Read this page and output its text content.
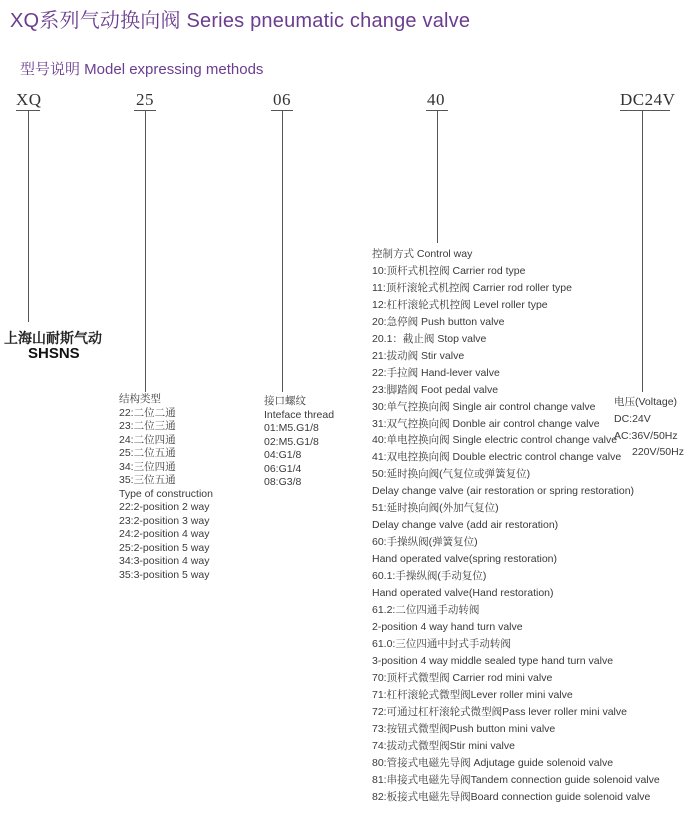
XQ系列气动换向阀 Series pneumatic change valve
型号说明 Model expressing methods
XQ	25	06	40	DC24V
上海山耐斯气动
SHSNS
结构类型
22:二位二通
23:二位三通
24:二位四通
25:二位五通
34:三位四通
35:三位五通
Type of construction
22:2-position 2 way
23:2-position 3 way
24:2-position 4 way
25:2-position 5 way
34:3-position 4 way
35:3-position 5 way
接口螺纹
Inteface thread
01:M5.G1/8
02:M5.G1/8
04:G1/8
06:G1/4
08:G3/8
控制方式 Control way
10:顶杆式机控阀 Carrier rod type
11:顶杆滚轮式机控阀 Carrier rod roller type
12:杠杆滚轮式机控阀 Level roller type
20:急停阀 Push button valve
20.1：截止阀 Stop valve
21:拔动阀 Stir valve
22:手拉阀 Hand-lever valve
23:脚踏阀 Foot pedal valve
30:单气控换向阀 Single air control change valve
31:双气控换向阀 Donble air control change valve
40:单电控换向阀 Single electric control change valve
41:双电控换向阀 Double electric control change valve
50:延时换向阀(气复位或弹簧复位)
Delay change valve (air restoration or spring restoration)
51:延时换向阀(外加气复位)
Delay change valve (add air restoration)
60:手操纵阀(弹簧复位)
Hand operated valve(spring restoration)
60.1:手操纵阀(手动复位)
Hand operated valve(Hand restoration)
61.2:二位四通手动转阀
2-position 4 way hand turn valve
61.0:三位四通中封式手动转阀
3-position 4 way middle sealed type hand turn valve
70:顶杆式微型阀 Carrier rod mini valve
71:杠杆滚轮式微型阀Lever roller mini valve
72:可通过杠杆滚轮式微型阀Pass lever roller mini valve
73:按钮式微型阀Push button mini valve
74:拔动式微型阀Stir mini valve
80:管接式电磁先导阀 Adjutage guide solenoid valve
81:串接式电磁先导阀Tandem connection guide solenoid valve
82:板接式电磁先导阀Board connection guide solenoid valve
电压(Voltage)
DC:24V
AC:36V/50Hz
220V/50Hz
